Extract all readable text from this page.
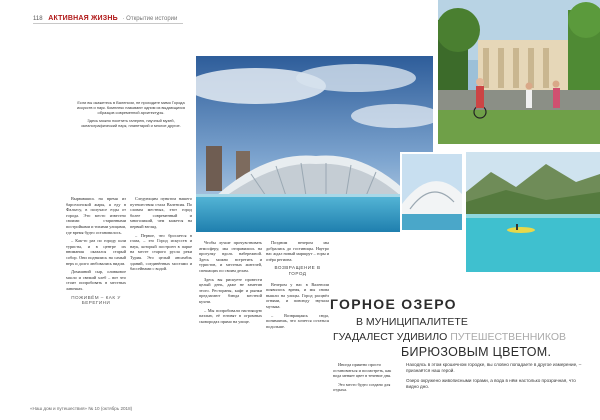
118 АКТИВНАЯ ЖИЗНЬ · Открытие истории

Если вы окажетесь в Валенсии, не проходите мимо Города искусств и наук. Комплекс называют одним из выдающихся образцов современной архитектуры.

Здесь можно посетить галерею, научный музей, океанографический парк, планетарий и многое другое.

Вырвавшись на время из барселонской жары, я еду в Фальесу, в получасе езды от города. Это место известно своими старинными постройками и тихими улицами, где время будто остановилось.

– Как-то раз по городу шли туристы, и в центре их внимания оказался старый собор. Они поднялись на самый верх и долго любовались видом.

Домашний сыр, оливковое масло и свежий хлеб – вот что стоит попробовать в местных лавочках.

ПОЖИВЁМ – КАК У БЕРЕГИНИ

Следующим пунктом нашего путешествия стала Валенсия. По словам местных, этот город более современный и многоликий, чем кажется на первый взгляд.

– Первое, что бросается в глаза, – это Город искусств и наук, который построен в парке на месте старого русла реки Турия. Это целый ансамбль зданий, соединённых мостами и бассейнами с водой.

Чтобы лучше прочувствовать атмосферу, мы отправились на прогулку вдоль набережной. Здесь можно встретить и туристов, и местных жителей, спешащих по своим делам.

Здесь вы рискуете провести целый день, даже не заметив этого. Рестораны, кафе и рынки предлагают блюда местной кухни.

– Мы попробовали настоящую паэлью, её готовят в огромных сковородах прямо на улице.

Поздним вечером мы добрались до гостиницы. Наутро нас ждал новый маршрут – горы и озёра региона.

ВОЗВРАЩЕНИЕ В ГОРОД

Вечером у нас в Валенсии появилось время, и мы снова вышли на улицы. Город расцвёл огнями, и повсюду звучала музыка.

– Возвращаясь сюда, понимаешь, что хочется остаться подольше.

ГОРНОЕ ОЗЕРО
В МУНИЦИПАЛИТЕТЕ
ГУАДАЛЕСТ УДИВИЛО ПУТЕШЕСТВЕННИКОВ
БИРЮЗОВЫМ ЦВЕТОМ.

Иногда приятно просто остановиться и посмотреть, как вода меняет цвет в течение дня.

Это место будто создано для отдыха.

Находясь в этом крошечном городке, вы словно попадаете в другое измерение, – признаётся наш герой.

Озеро окружено живописными горами, а вода в нём настолько прозрачная, что видно дно.

«Наш дом и путешествия» № 10 (октябрь 2018)
